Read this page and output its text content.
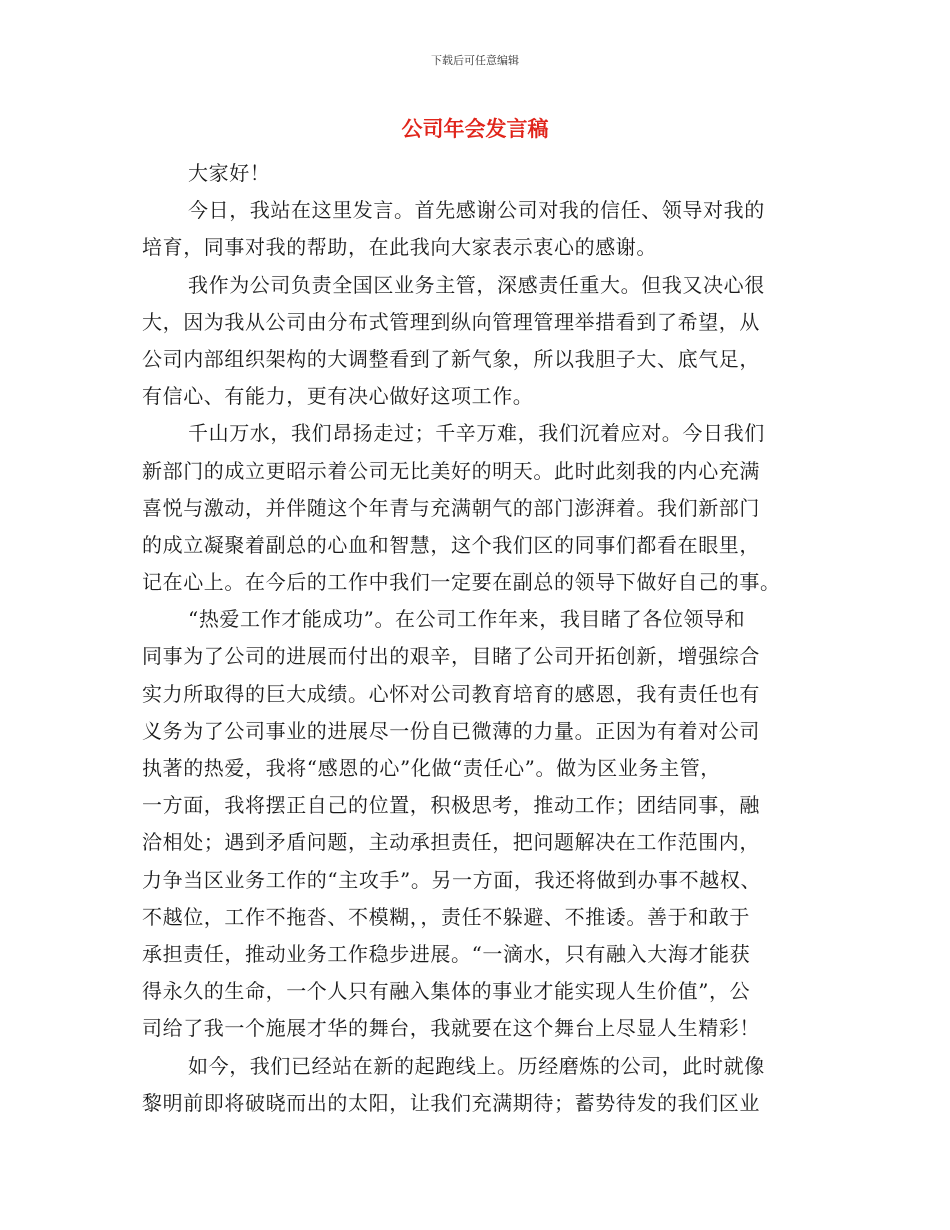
下载后可任意编辑
公司年会发言稿
大家好！
今日，我站在这里发言。首先感谢公司对我的信任、领导对我的
培育，同事对我的帮助，在此我向大家表示衷心的感谢。
我作为公司负责全国区业务主管，深感责任重大。但我又决心很
大，因为我从公司由分布式管理到纵向管理管理举措看到了希望，从
公司内部组织架构的大调整看到了新气象，所以我胆子大、底气足，
有信心、有能力，更有决心做好这项工作。
千山万水，我们昂扬走过；千辛万难，我们沉着应对。今日我们
新部门的成立更昭示着公司无比美好的明天。此时此刻我的内心充满
喜悦与激动，并伴随这个年青与充满朝气的部门澎湃着。我们新部门
的成立凝聚着副总的心血和智慧，这个我们区的同事们都看在眼里，
记在心上。在今后的工作中我们一定要在副总的领导下做好自己的事。
“热爱工作才能成功”。在公司工作年来，我目睹了各位领导和
同事为了公司的进展而付出的艰辛，目睹了公司开拓创新，增强综合
实力所取得的巨大成绩。心怀对公司教育培育的感恩，我有责任也有
义务为了公司事业的进展尽一份自已微薄的力量。正因为有着对公司
执著的热爱，我将“感恩的心”化做“责任心”。做为区业务主管，
一方面，我将摆正自己的位置，积极思考，推动工作；团结同事，融
洽相处；遇到矛盾问题，主动承担责任，把问题解决在工作范围内，
力争当区业务工作的“主攻手”。另一方面，我还将做到办事不越权、
不越位，工作不拖沓、不模糊，，责任不躲避、不推诿。善于和敢于
承担责任，推动业务工作稳步进展。“一滴水，只有融入大海才能获
得永久的生命，一个人只有融入集体的事业才能实现人生价值”，公
司给了我一个施展才华的舞台，我就要在这个舞台上尽显人生精彩！
如今，我们已经站在新的起跑线上。历经磨炼的公司，此时就像
黎明前即将破晓而出的太阳，让我们充满期待；蓄势待发的我们区业
